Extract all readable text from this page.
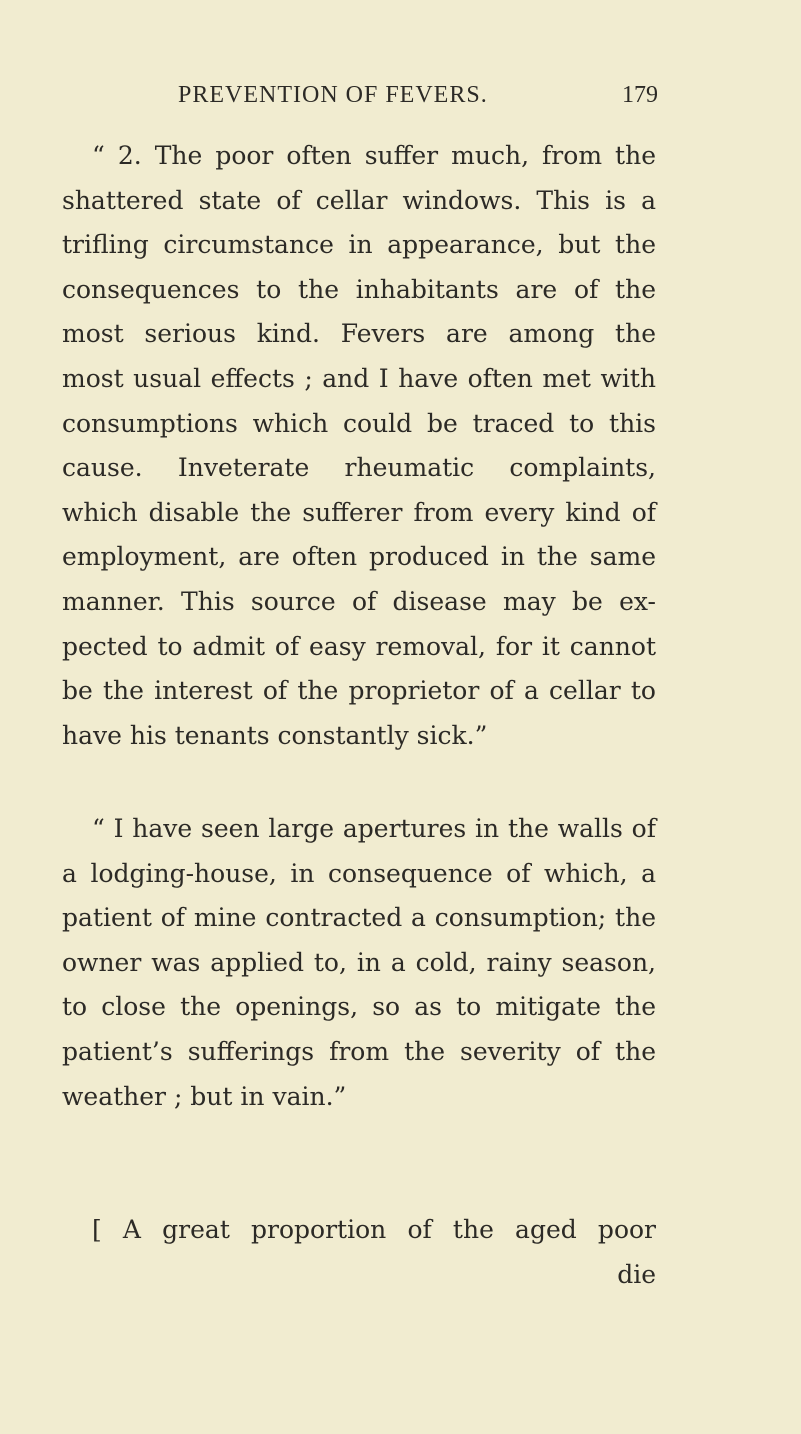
PREVENTION OF FEVERS.	179
“ 2. The poor often suffer much, from the
shattered state of cellar windows. This is a
trifling circumstance in appearance, but the
consequences to the inhabitants are of the
most serious kind. Fevers are among the
most usual effects ; and I have often met with
consumptions which could be traced to this
cause. Inveterate rheumatic complaints,
which disable the sufferer from every kind of
employment, are often produced in the same
manner. This source of disease may be ex-
pected to admit of easy removal, for it cannot
be the interest of the proprietor of a cellar to
have his tenants constantly sick.”
“ I have seen large apertures in the walls of
a lodging-house, in consequence of which, a
patient of mine contracted a consumption; the
owner was applied to, in a cold, rainy season,
to close the openings, so as to mitigate the
patient’s sufferings from the severity of the
weather ; but in vain.”
[ A great proportion of the aged poor
die
